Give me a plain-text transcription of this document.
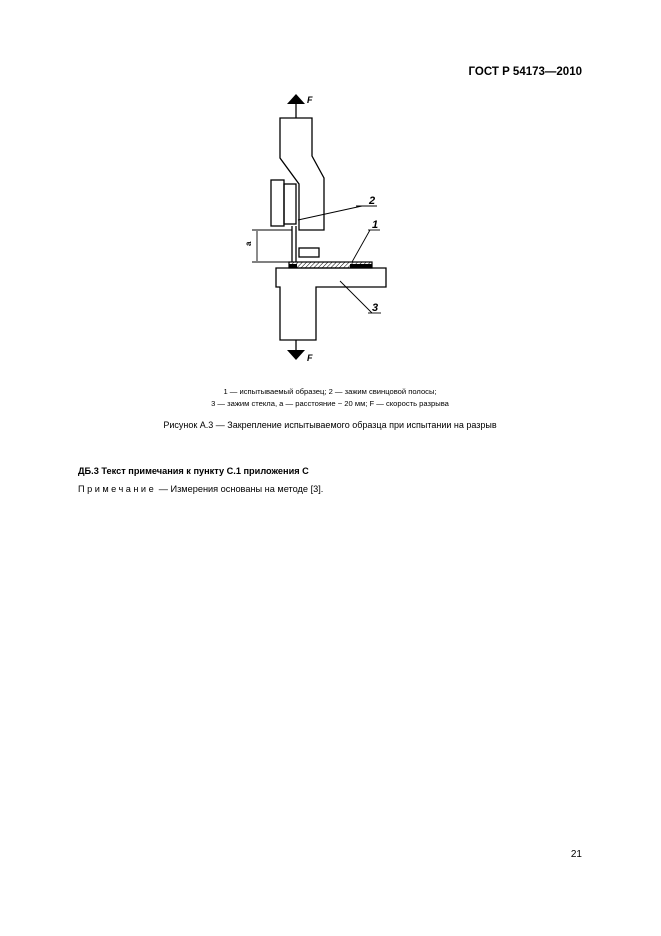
ГОСТ Р 54173—2010
F
F
2
1
3
a

1 — испытываемый образец; 2 — зажим свинцовой полосы;

3 — зажим стекла, a — расстояние ~ 20 мм; F — скорость разрыва

Рисунок А.3 — Закрепление испытываемого образца при испытании на разрыв

ДБ.3 Текст примечания к пункту С.1 приложения С

Примечание — Измерения основаны на методе [3].

21
